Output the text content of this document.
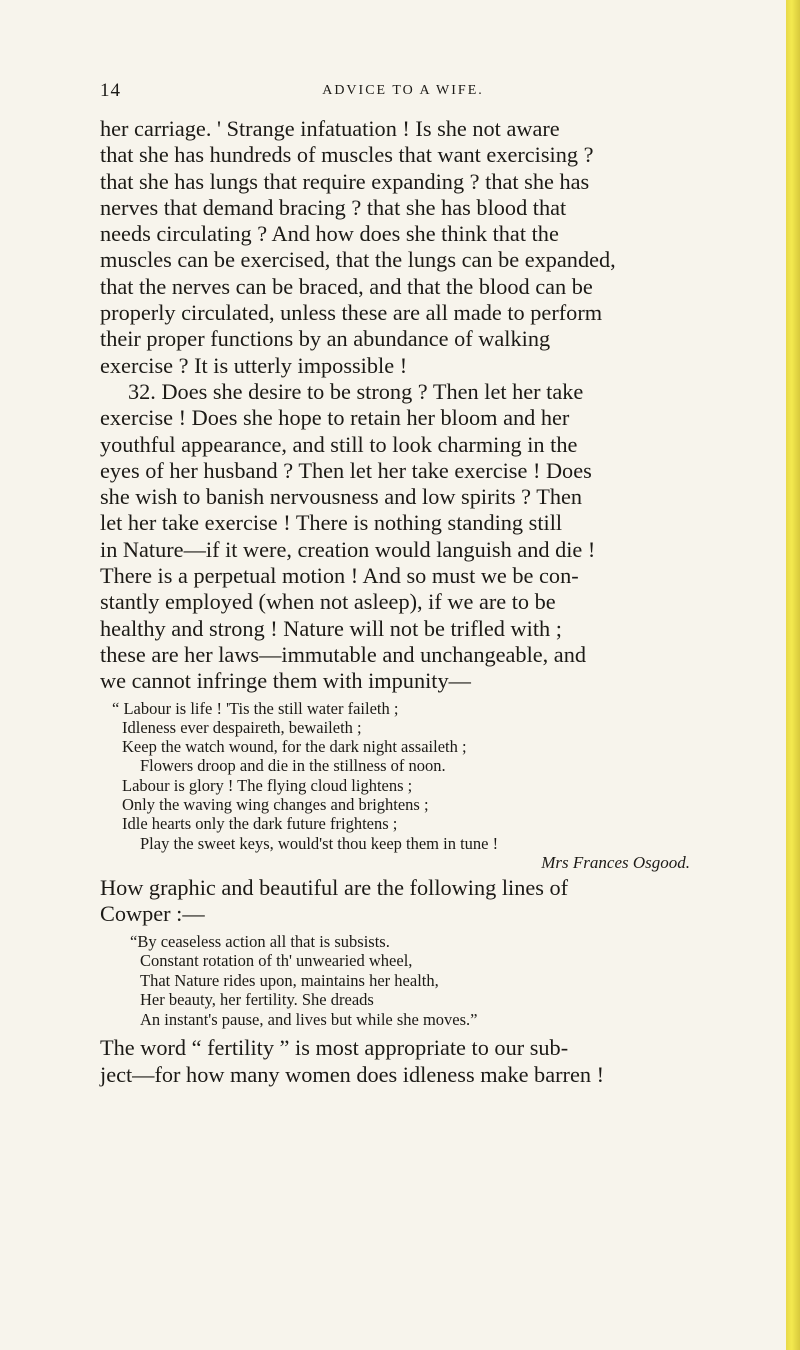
14	ADVICE TO A WIFE.
her carriage. ' Strange infatuation ! Is she not aware
that she has hundreds of muscles that want exercising ?
that she has lungs that require expanding ? that she has
nerves that demand bracing ? that she has blood that
needs circulating ? And how does she think that the
muscles can be exercised, that the lungs can be expanded,
that the nerves can be braced, and that the blood can be
properly circulated, unless these are all made to perform
their proper functions by an abundance of walking
exercise ? It is utterly impossible !
32. Does she desire to be strong ? Then let her take
exercise ! Does she hope to retain her bloom and her
youthful appearance, and still to look charming in the
eyes of her husband ? Then let her take exercise ! Does
she wish to banish nervousness and low spirits ? Then
let her take exercise ! There is nothing standing still
in Nature—if it were, creation would languish and die !
There is a perpetual motion ! And so must we be con-
stantly employed (when not asleep), if we are to be
healthy and strong ! Nature will not be trifled with ;
these are her laws—immutable and unchangeable, and
we cannot infringe them with impunity—
“ Labour is life ! 'Tis the still water faileth ;
Idleness ever despaireth, bewaileth ;
Keep the watch wound, for the dark night assaileth ;
Flowers droop and die in the stillness of noon.
Labour is glory ! The flying cloud lightens ;
Only the waving wing changes and brightens ;
Idle hearts only the dark future frightens ;
Play the sweet keys, would'st thou keep them in tune !
Mrs Frances Osgood.
How graphic and beautiful are the following lines of
Cowper :—
“By ceaseless action all that is subsists.
Constant rotation of th' unwearied wheel,
That Nature rides upon, maintains her health,
Her beauty, her fertility. She dreads
An instant's pause, and lives but while she moves.”
The word “ fertility ” is most appropriate to our sub-
ject—for how many women does idleness make barren !
